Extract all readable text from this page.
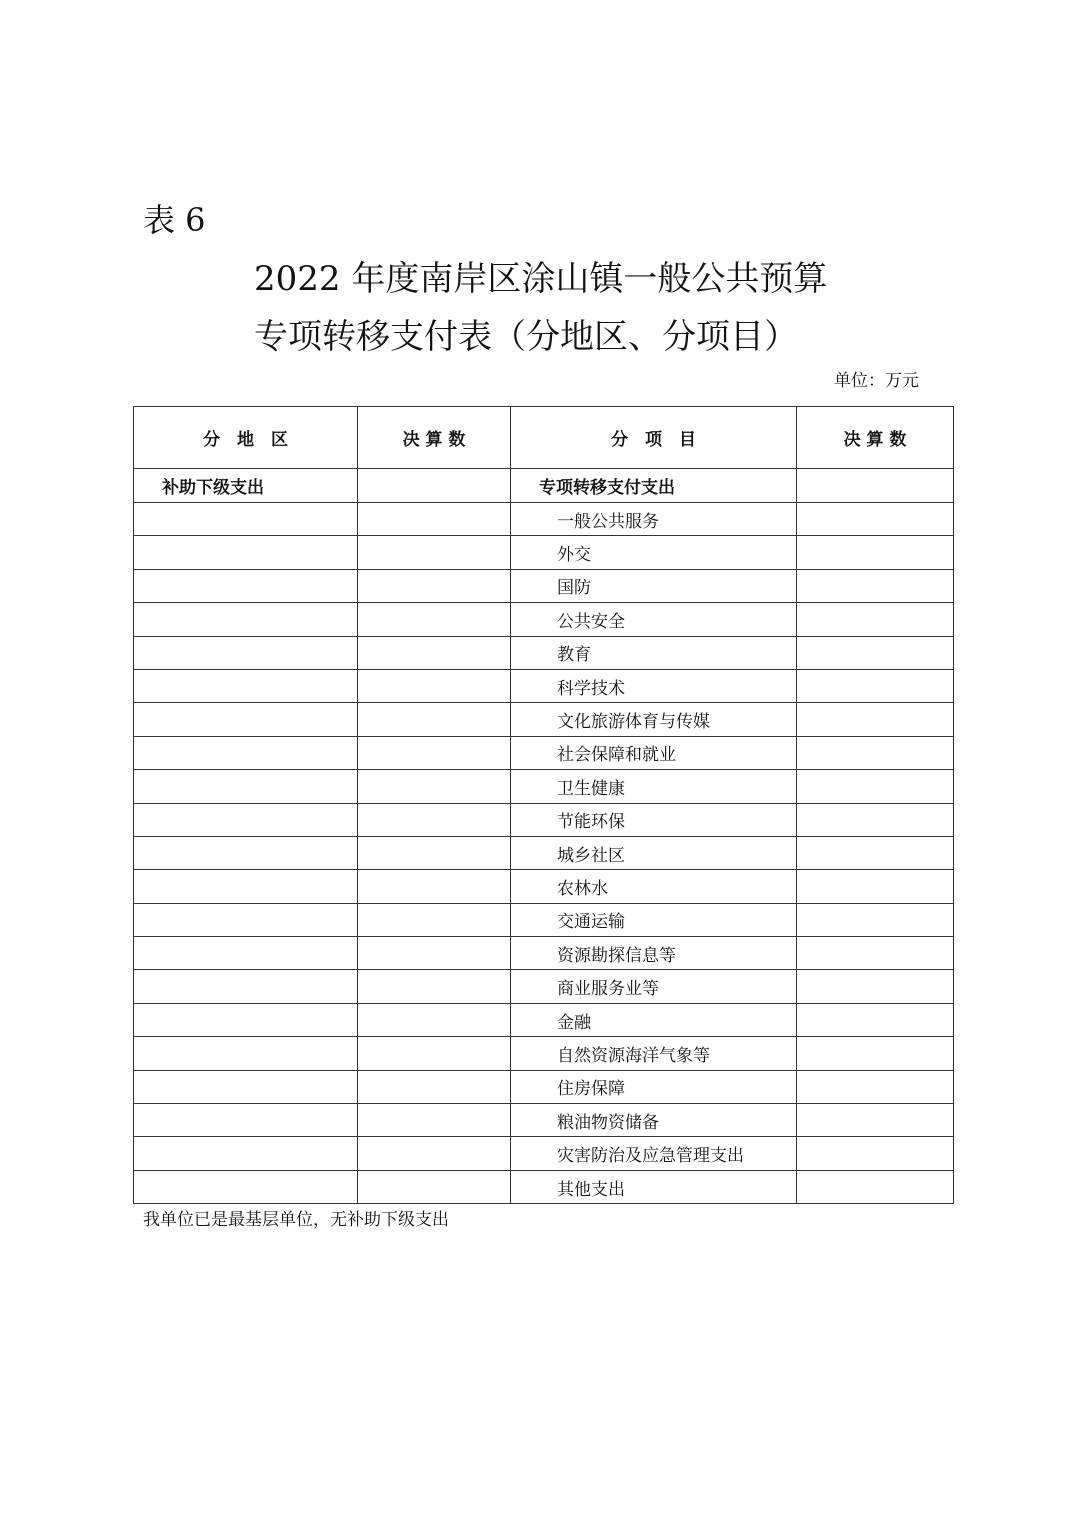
表 6
2022 年度南岸区涂山镇一般公共预算
专项转移支付表（分地区、分项目）
单位：万元
分　地　区	决 算 数	分　项　目	决 算 数
补助下级支出		专项转移支付支出	
		一般公共服务	
		外交	
		国防	
		公共安全	
		教育	
		科学技术	
		文化旅游体育与传媒	
		社会保障和就业	
		卫生健康	
		节能环保	
		城乡社区	
		农林水	
		交通运输	
		资源勘探信息等	
		商业服务业等	
		金融	
		自然资源海洋气象等	
		住房保障	
		粮油物资储备	
		灾害防治及应急管理支出	
		其他支出	
我单位已是最基层单位，无补助下级支出
